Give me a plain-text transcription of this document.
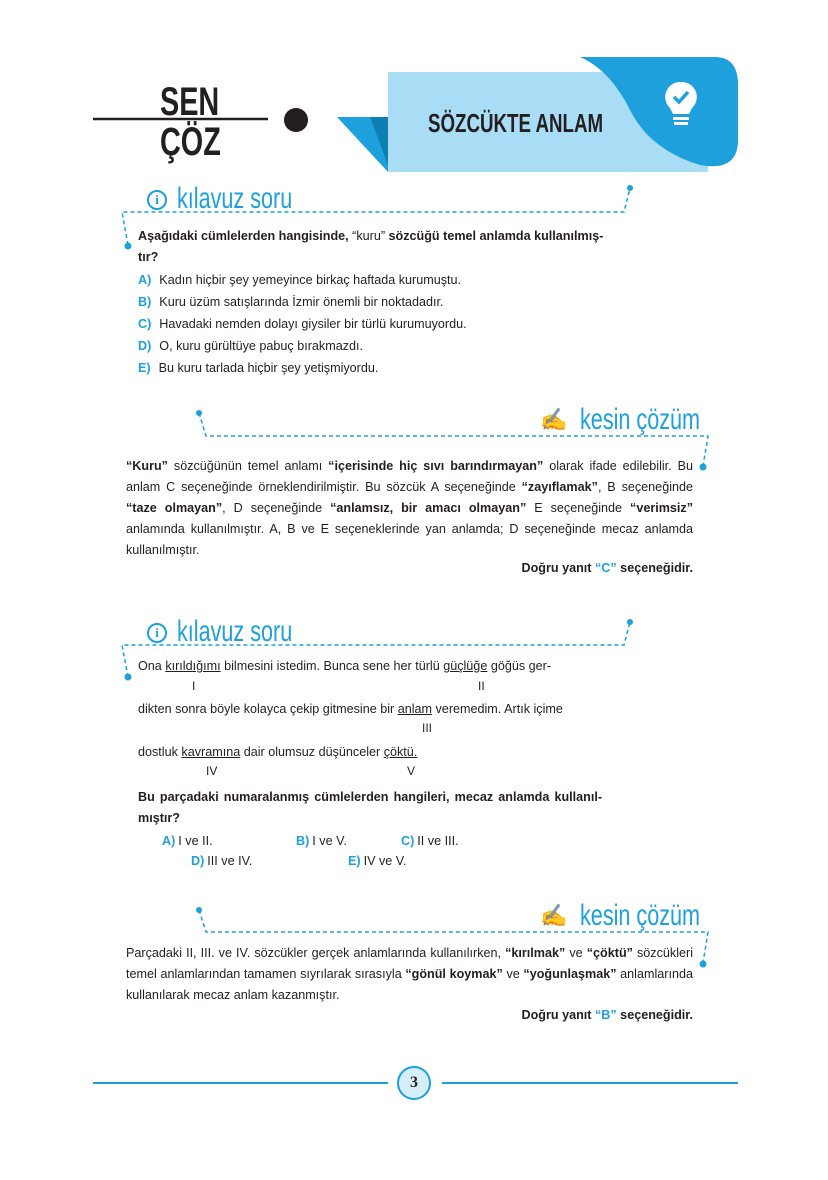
SEN
ÇÖZ	SÖZCÜKTE ANLAM
i kılavuz soru
Aşağıdaki cümlelerden hangisinde, “kuru” sözcüğü temel anlamda kullanılmış-
tır?
A) Kadın hiçbir şey yemeyince birkaç haftada kurumuştu.
B) Kuru üzüm satışlarında İzmir önemli bir noktadadır.
C) Havadaki nemden dolayı giysiler bir türlü kurumuyordu.
D) O, kuru gürültüye pabuç bırakmazdı.
E) Bu kuru tarlada hiçbir şey yetişmiyordu.
✍ kesin çözüm
“Kuru” sözcüğünün temel anlamı “içerisinde hiç sıvı barındırmayan” olarak ifade edilebilir. Bu anlam C seçeneğinde örneklendirilmiştir. Bu sözcük A seçeneğinde “zayıflamak”, B seçeneğinde “taze olmayan”, D seçeneğinde “anlamsız, bir amacı olmayan” E seçeneğinde “verimsiz” anlamında kullanılmıştır. A, B ve E seçeneklerinde yan anlamda; D seçeneğinde mecaz anlamda kullanılmıştır.
Doğru yanıt “C” seçeneğidir.
i kılavuz soru
Ona kırıldığımı bilmesini istedim. Bunca sene her türlü güçlüğe göğüs ger-
I	II
dikten sonra böyle kolayca çekip gitmesine bir anlam veremedim. Artık içime
III
dostluk kavramına dair olumsuz düşünceler çöktü.
IV	V
Bu parçadaki numaralanmış cümlelerden hangileri, mecaz anlamda kullanıl-
mıştır?
A) I ve II.	B) I ve V.	C) II ve III.
D) III ve IV.	E) IV ve V.
✍ kesin çözüm
Parçadaki II, III. ve IV. sözcükler gerçek anlamlarında kullanılırken, “kırılmak” ve “çöktü” sözcükleri temel anlamlarından tamamen sıyrılarak sırasıyla “gönül koymak” ve “yoğunlaşmak” anlamlarında kullanılarak mecaz anlam kazanmıştır.
Doğru yanıt “B” seçeneğidir.
3
